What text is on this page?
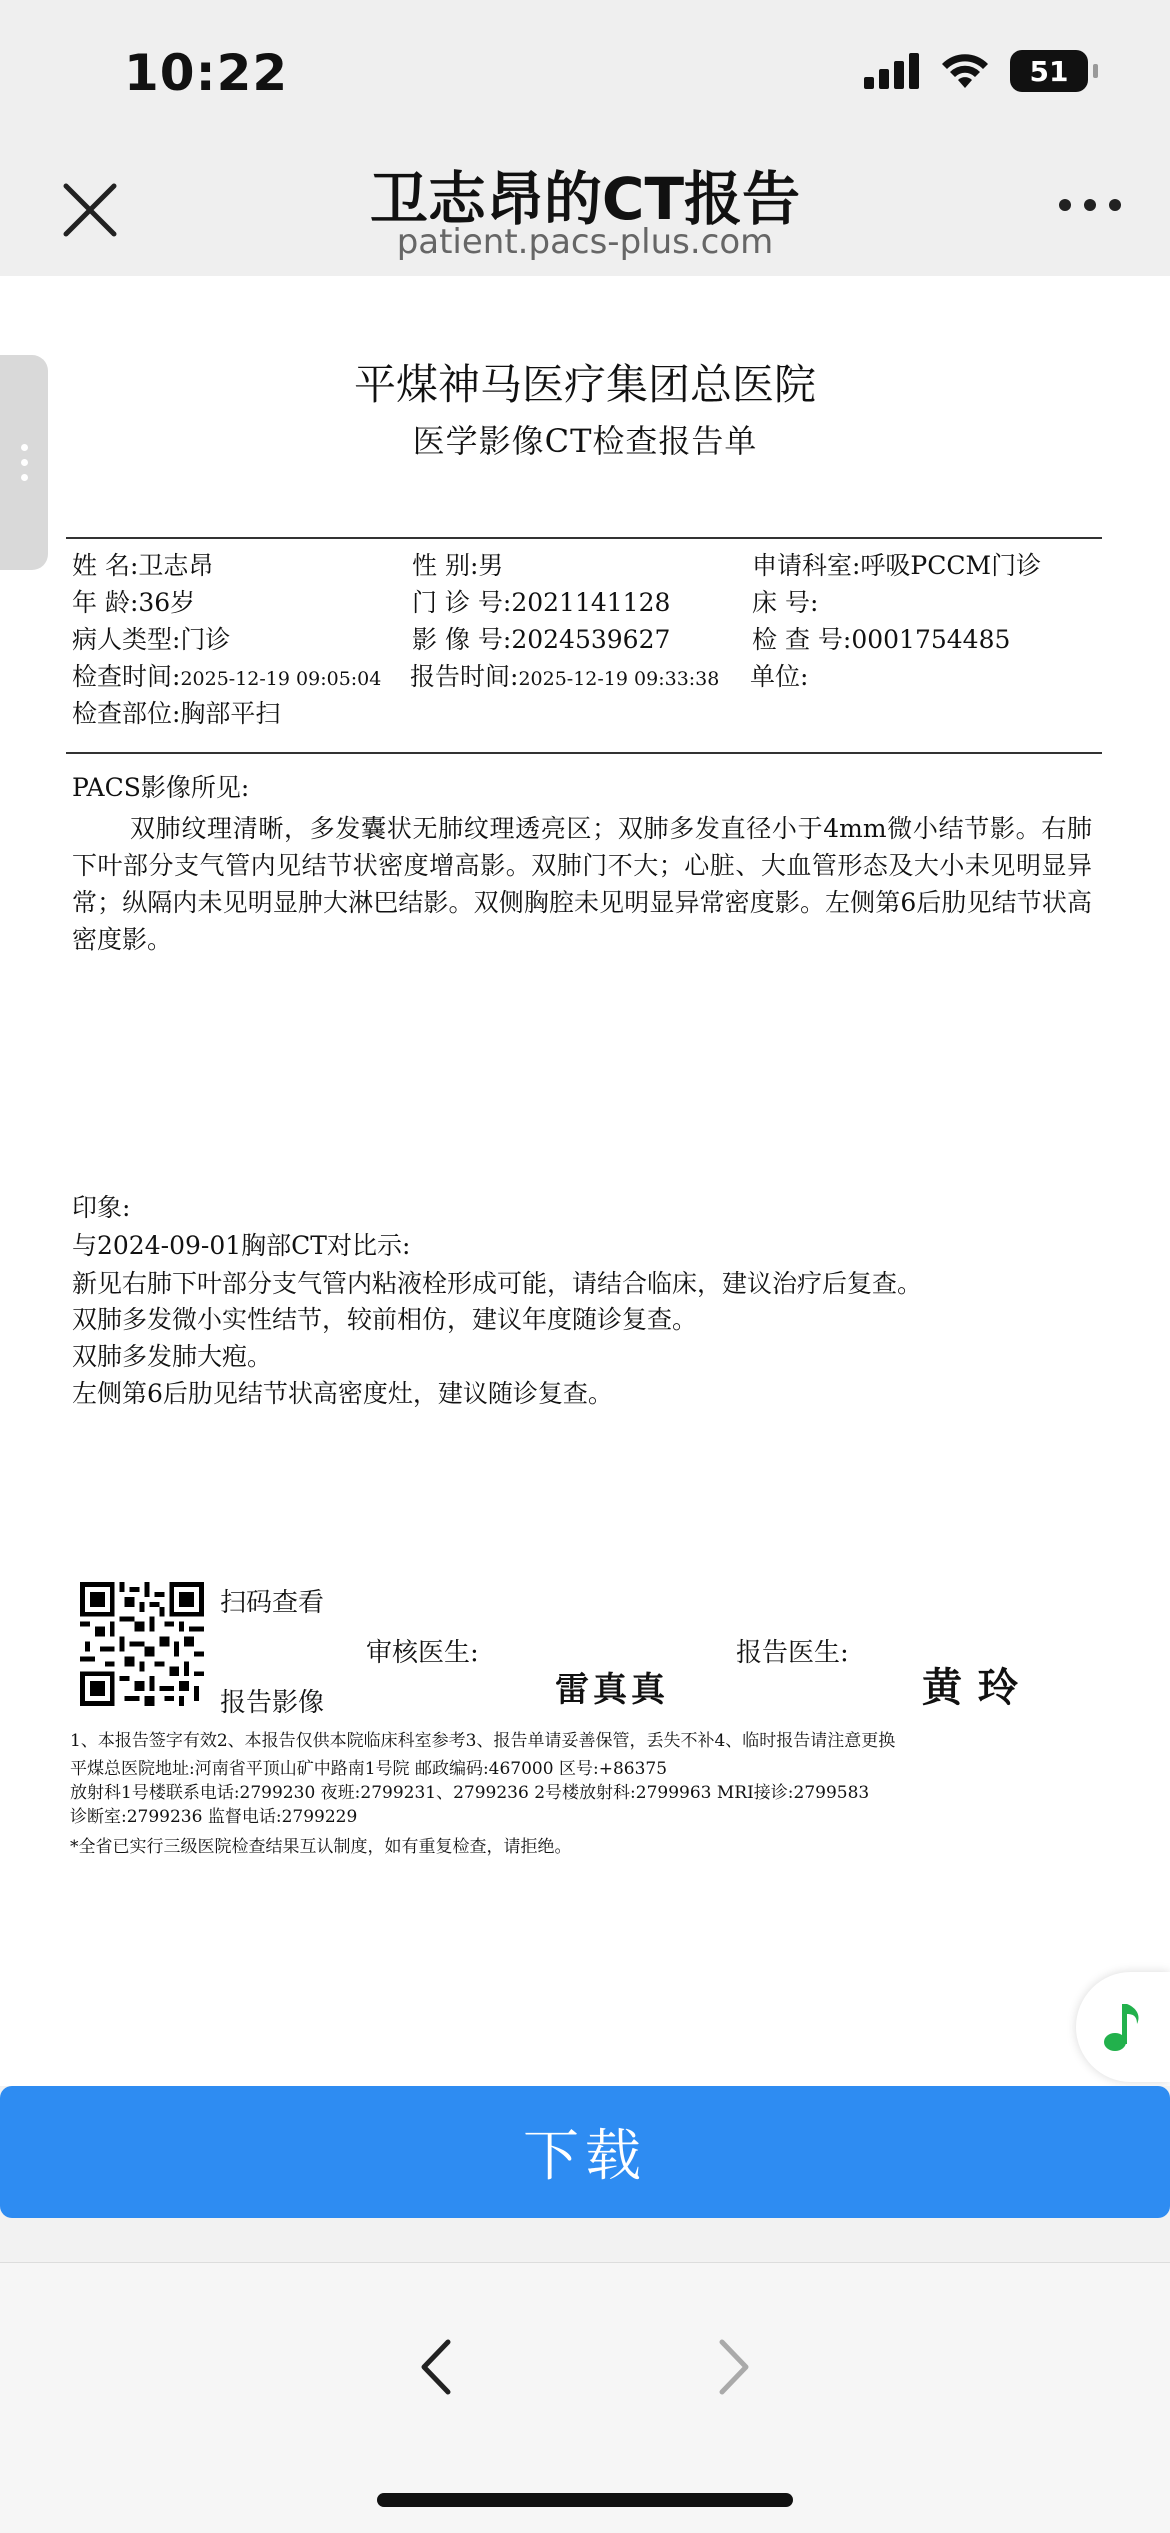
10:22	51
卫志昂的CT报告
patient.pacs-plus.com
平煤神马医疗集团总医院
医学影像CT检查报告单
姓 名:卫志昂	性 别:男	申请科室:呼吸PCCM门诊
年 龄:36岁	门 诊 号:2021141128	床 号:
病人类型:门诊	影 像 号:2024539627	检 查 号:0001754485
检查时间:2025-12-19 09:05:04 报告时间:2025-12-19 09:33:38 单位:
检查部位:胸部平扫
PACS影像所见:
双肺纹理清晰，多发囊状无肺纹理透亮区；双肺多发直径小于4mm微小结节影。右肺下叶部分支气管内见结节状密度增高影。双肺门不大；心脏、大血管形态及大小未见明显异常；纵隔内未见明显肿大淋巴结影。双侧胸腔未见明显异常密度影。左侧第6后肋见结节状高密度影。
印象:
与2024-09-01胸部CT对比示:
新见右肺下叶部分支气管内粘液栓形成可能，请结合临床，建议治疗后复查。
双肺多发微小实性结节，较前相仿，建议年度随诊复查。
双肺多发肺大疱。
左侧第6后肋见结节状高密度灶，建议随诊复查。
扫码查看
报告影像
审核医生:
雷真真
报告医生:
黄玲
1、本报告签字有效2、本报告仅供本院临床科室参考3、报告单请妥善保管，丢失不补4、临时报告请注意更换
平煤总医院地址:河南省平顶山矿中路南1号院 邮政编码:467000 区号:+86375
放射科1号楼联系电话:2799230 夜班:2799231、2799236 2号楼放射科:2799963 MRI接诊:2799583
诊断室:2799236 监督电话:2799229
*全省已实行三级医院检查结果互认制度，如有重复检查，请拒绝。
下载
